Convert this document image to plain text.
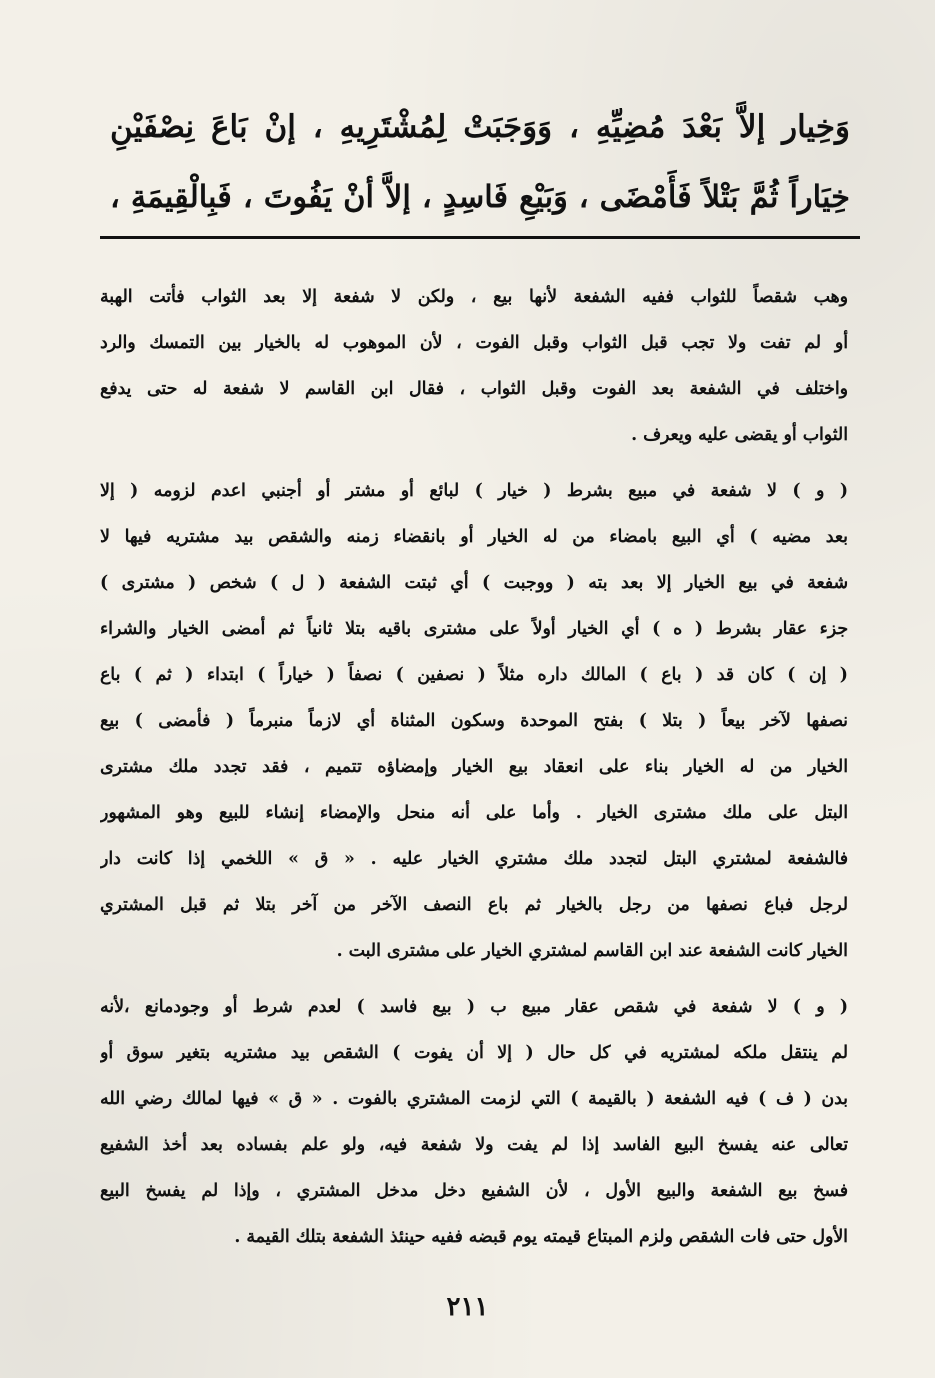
وَخِيار إلاَّ بَعْدَ مُضِيِّهِ ، وَوَجَبَتْ لِمُشْتَرِيهِ ، إنْ بَاعَ نِصْفَيْنِ
خِيَاراً ثُمَّ بَتْلاً فَأَمْضَى ، وَبَيْعِ فَاسِدٍ ، إلاَّ أنْ يَفُوتَ ، فَبِالْقِيمَةِ ،
وهب شقصاً للثواب ففيه الشفعة لأنها بيع ، ولكن لا شفعة إلا بعد الثواب فأتت الهبة
أو لم تفت ولا تجب قبل الثواب وقبل الفوت ، لأن الموهوب له بالخيار بين التمسك والرد
واختلف في الشفعة بعد الفوت وقبل الثواب ، فقال ابن القاسم لا شفعة له حتى يدفع
الثواب أو يقضى عليه ويعرف .
( و ) لا شفعة في مبيع بشرط ( خيار ) لبائع أو مشتر أو أجنبي اعدم لزومه ( إلا
بعد مضيه ) أي البيع بامضاء من له الخيار أو بانقضاء زمنه والشقص بيد مشتريه فيها لا
شفعة في بيع الخيار إلا بعد بته ( ووجبت ) أي ثبتت الشفعة ( ل ) شخص ( مشترى )
جزء عقار بشرط ( ه ) أي الخيار أولاً على مشترى باقيه بتلا ثانياً ثم أمضى الخيار والشراء
( إن ) كان قد ( باع ) المالك داره مثلاً ( نصفين ) نصفاً ( خياراً ) ابتداء ( ثم ) باع
نصفها لآخر بيعاً ( بتلا ) بفتح الموحدة وسكون المثناة أي لازماً منبرماً ( فأمضى ) بيع
الخيار من له الخيار بناء على انعقاد بيع الخيار وإمضاؤه تتميم ، فقد تجدد ملك مشترى
البتل على ملك مشترى الخيار . وأما على أنه منحل والإمضاء إنشاء للبيع وهو المشهور
فالشفعة لمشتري البتل لتجدد ملك مشتري الخيار عليه . « ق » اللخمي إذا كانت دار
لرجل فباع نصفها من رجل بالخيار ثم باع النصف الآخر من آخر بتلا ثم قبل المشتري
الخيار كانت الشفعة عند ابن القاسم لمشتري الخيار على مشترى البت .
( و ) لا شفعة في شقص عقار مبيع ب ( بيع فاسد ) لعدم شرط أو وجودمانع ،لأنه
لم ينتقل ملكه لمشتريه في كل حال ( إلا أن يفوت ) الشقص بيد مشتريه بتغير سوق أو
بدن ( ف ) فيه الشفعة ( بالقيمة ) التي لزمت المشتري بالفوت . « ق » فيها لمالك رضي الله
تعالى عنه يفسخ البيع الفاسد إذا لم يفت ولا شفعة فيه، ولو علم بفساده بعد أخذ الشفيع
فسخ بيع الشفعة والبيع الأول ، لأن الشفيع دخل مدخل المشتري ، وإذا لم يفسخ البيع
الأول حتى فات الشقص ولزم المبتاع قيمته يوم قبضه ففيه حينئذ الشفعة بتلك القيمة .
٢١١
